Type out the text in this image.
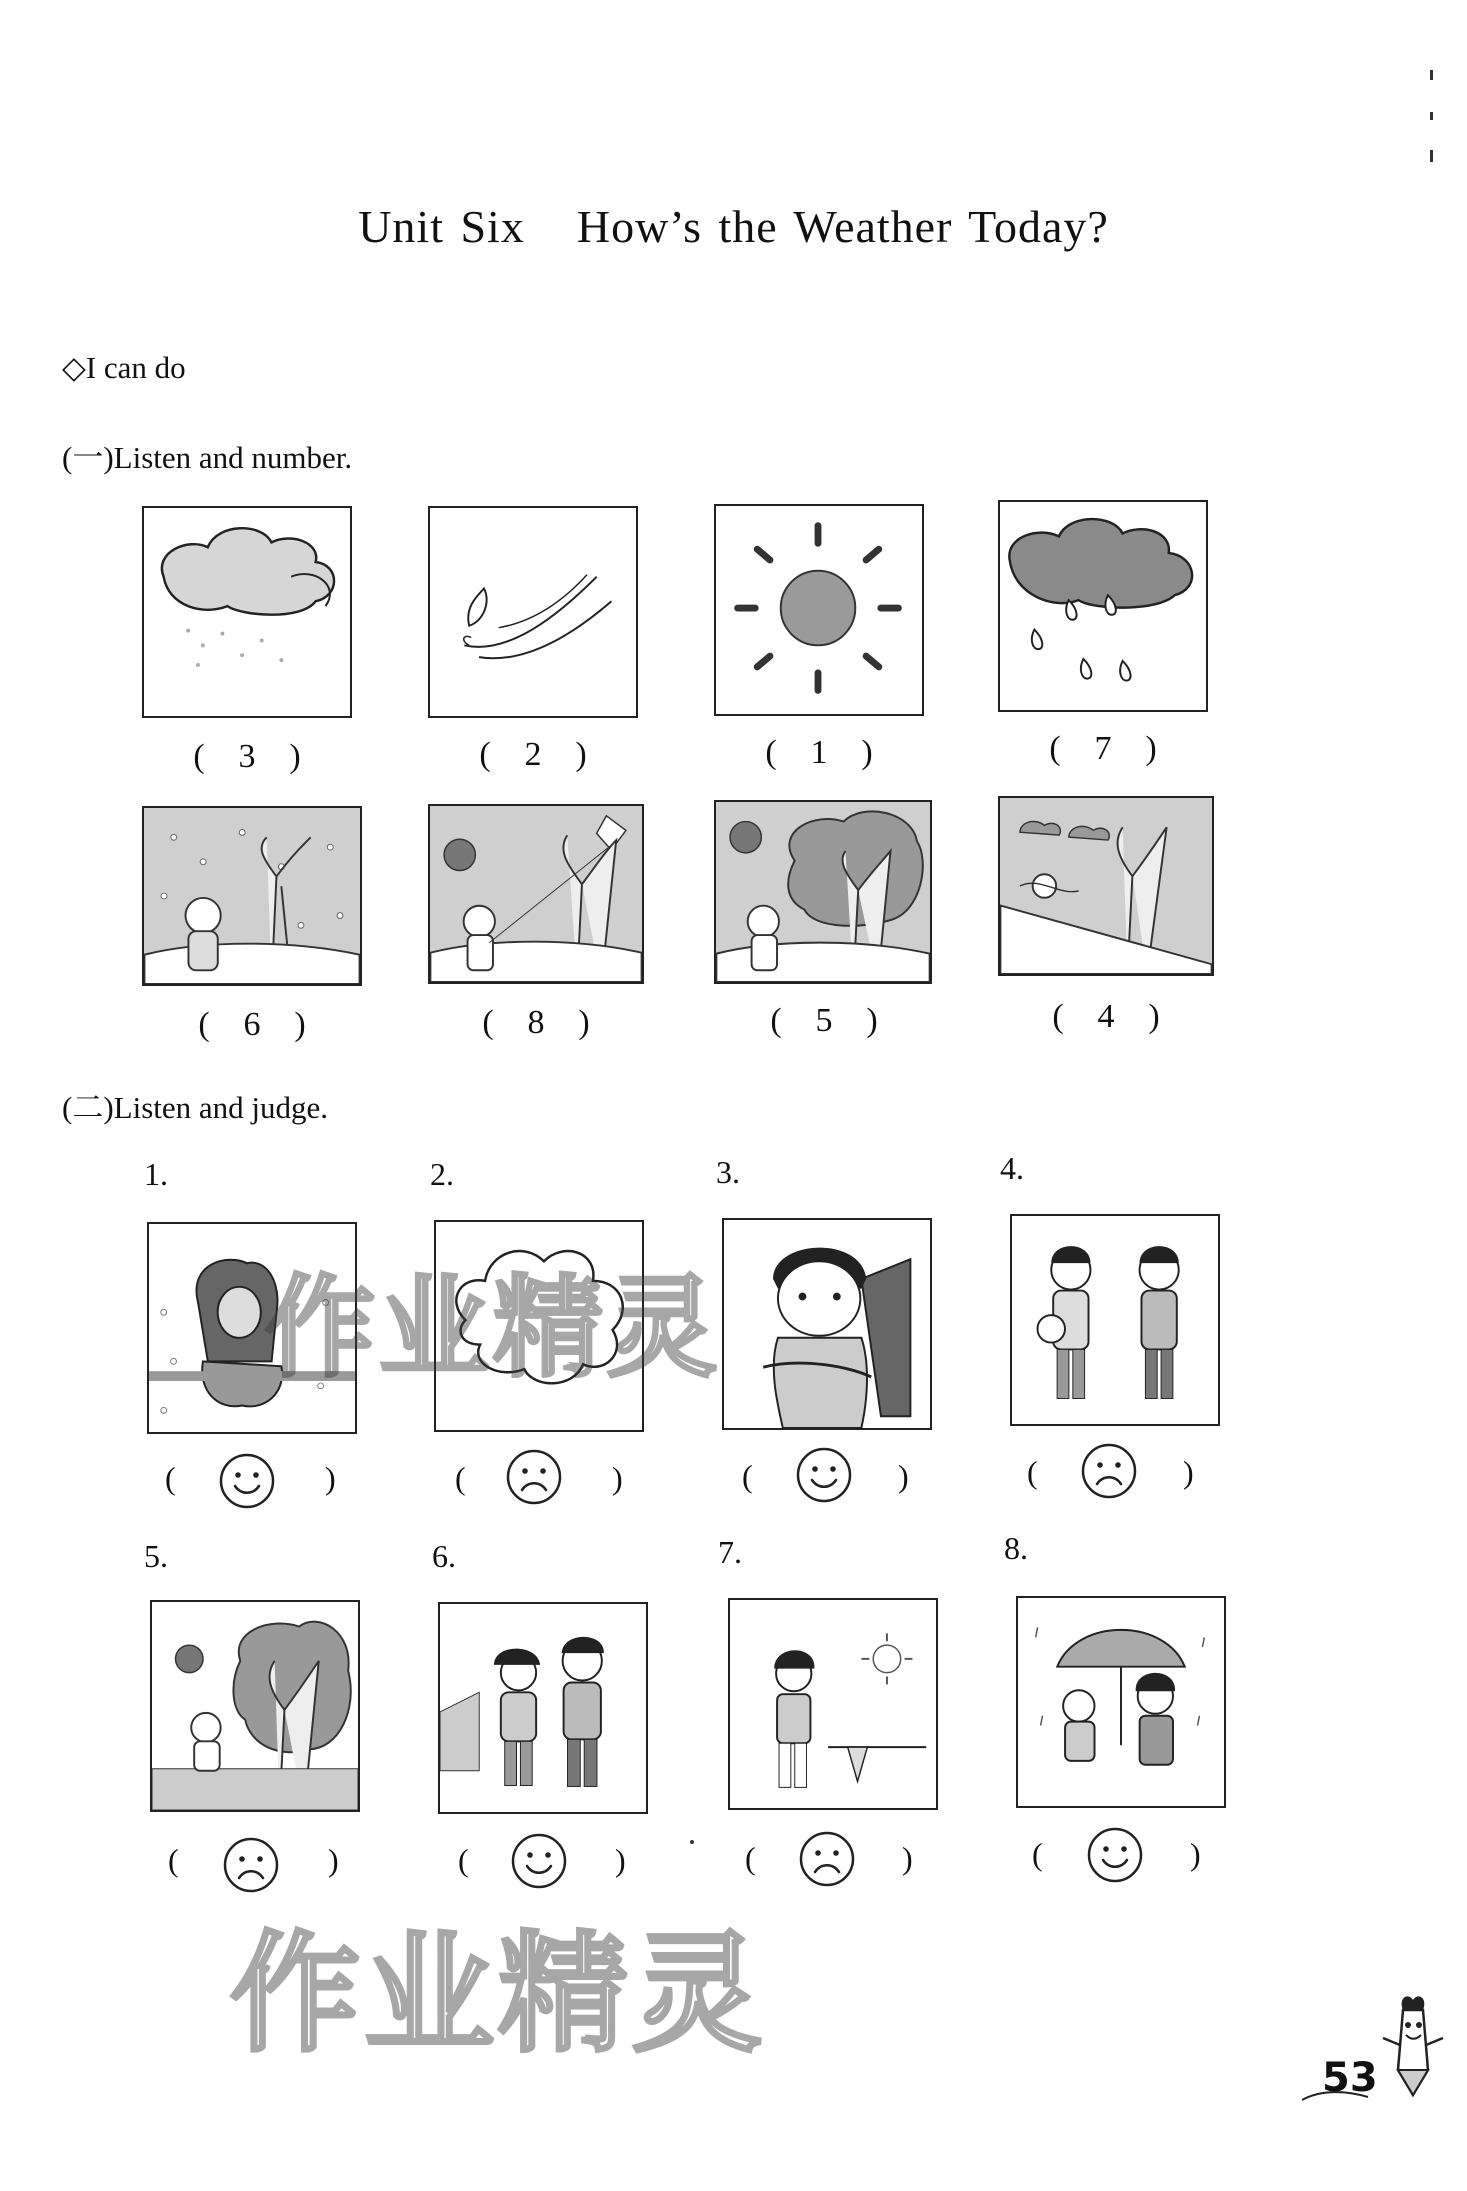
Unit Six How’s the Weather Today?
◇I can do
(一)Listen and number.
(二)Listen and judge.
( 3 )	( 2 )	( 1 )	( 7 )
( 6 )	( 8 )	( 5 )	( 4 )
1.	2.	3.	4.
(	)	(	)	(	)	(	)
5.	6.	7.	8.
(	)	(	)	(	)	(	)
作业精灵
作业精灵
53
